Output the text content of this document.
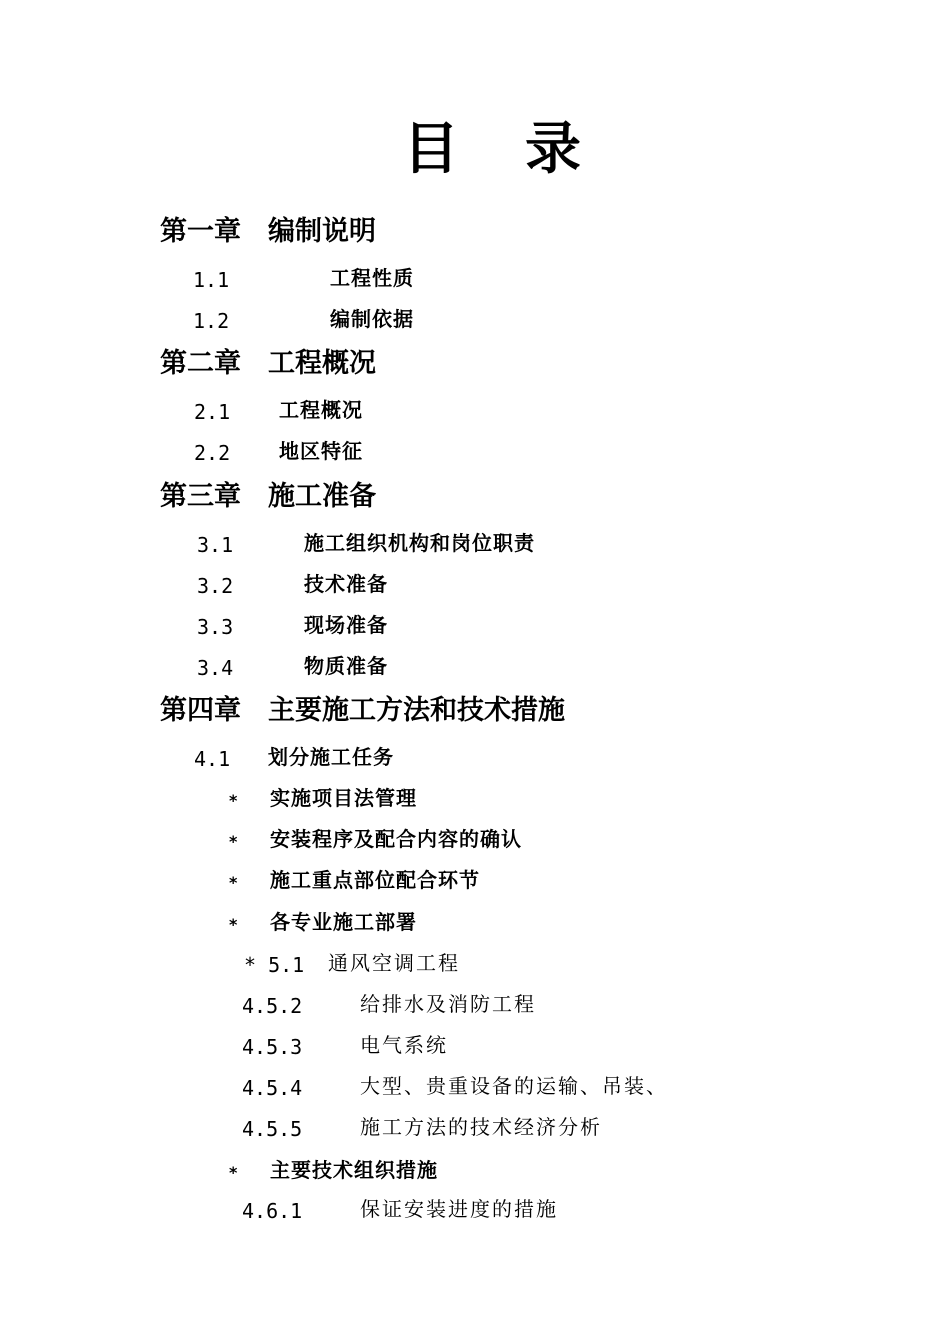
目 录
第一章 编制说明
1.1	工程性质
1.2	编制依据
第二章 工程概况
2.1 工程概况
2.2 地区特征
第三章 施工准备
3.1	施工组织机构和岗位职责
3.2	技术准备
3.3	现场准备
3.4	物质准备
第四章 主要施工方法和技术措施
4.1 划分施工任务
* 实施项目法管理
* 安装程序及配合内容的确认
* 施工重点部位配合环节
* 各专业施工部署
* 5.1 通风空调工程
4.5.2	给排水及消防工程
4.5.3	电气系统
4.5.4	大型、贵重设备的运输、吊装、
4.5.5	施工方法的技术经济分析
* 主要技术组织措施
4.6.1	保证安装进度的措施
